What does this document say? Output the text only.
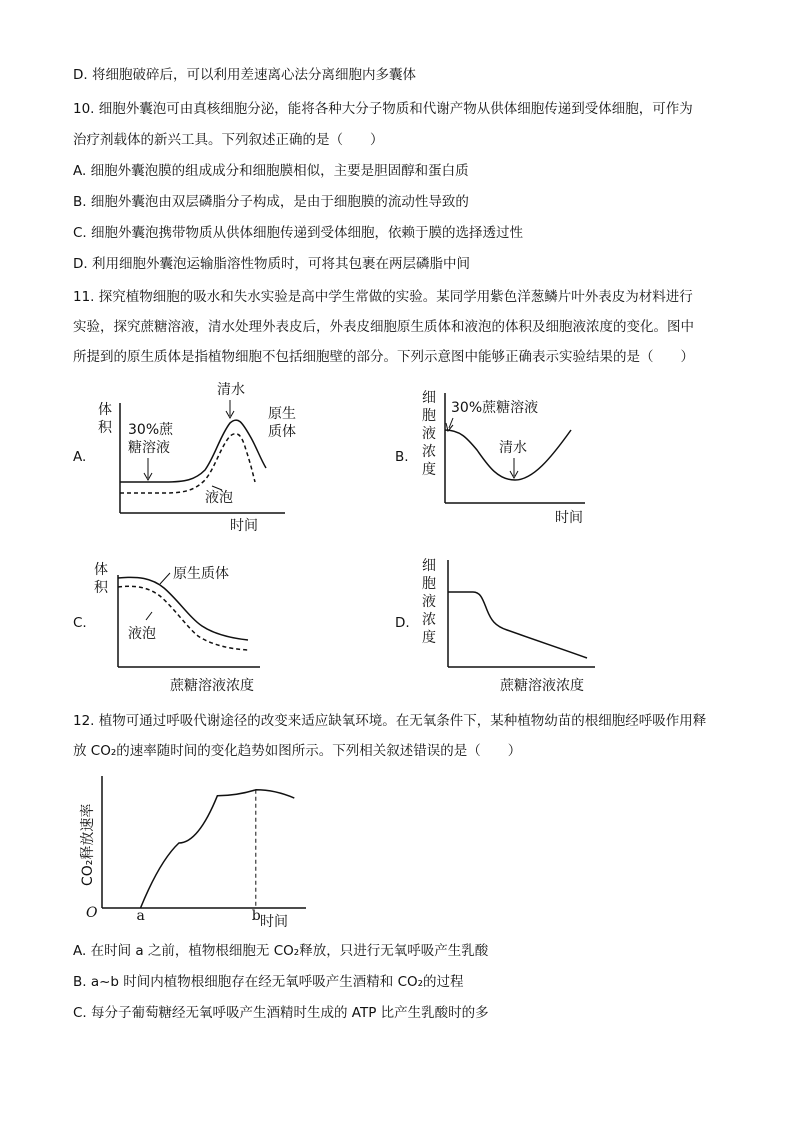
D. 将细胞破碎后，可以利用差速离心法分离细胞内多囊体
10. 细胞外囊泡可由真核细胞分泌，能将各种大分子物质和代谢产物从供体细胞传递到受体细胞，可作为
治疗剂载体的新兴工具。下列叙述正确的是（　　）
A. 细胞外囊泡膜的组成成分和细胞膜相似，主要是胆固醇和蛋白质
B. 细胞外囊泡由双层磷脂分子构成，是由于细胞膜的流动性导致的
C. 细胞外囊泡携带物质从供体细胞传递到受体细胞，依赖于膜的选择透过性
D. 利用细胞外囊泡运输脂溶性物质时，可将其包裹在两层磷脂中间
11. 探究植物细胞的吸水和失水实验是高中学生常做的实验。某同学用紫色洋葱鳞片叶外表皮为材料进行
实验，探究蔗糖溶液，清水处理外表皮后，外表皮细胞原生质体和液泡的体积及细胞液浓度的变化。图中
所提到的原生质体是指植物细胞不包括细胞壁的部分。下列示意图中能够正确表示实验结果的是（　　）
A.
体
积 30%蔗
糖溶液
清水
原生
质体
液泡
时间
B.
细
胞
液
浓
度
30%蔗糖溶液
清水
时间
C.
体
积
原生质体
液泡
蔗糖溶液浓度
D.
细
胞
液
浓
度
蔗糖溶液浓度
12. 植物可通过呼吸代谢途径的改变来适应缺氧环境。在无氧条件下，某种植物幼苗的根细胞经呼吸作用释
放 CO₂的速率随时间的变化趋势如图所示。下列相关叙述错误的是（　　）
CO₂释放速率
O	a	b 时间
A. 在时间 a 之前，植物根细胞无 CO₂释放，只进行无氧呼吸产生乳酸
B. a~b 时间内植物根细胞存在经无氧呼吸产生酒精和 CO₂的过程
C. 每分子葡萄糖经无氧呼吸产生酒精时生成的 ATP 比产生乳酸时的多
